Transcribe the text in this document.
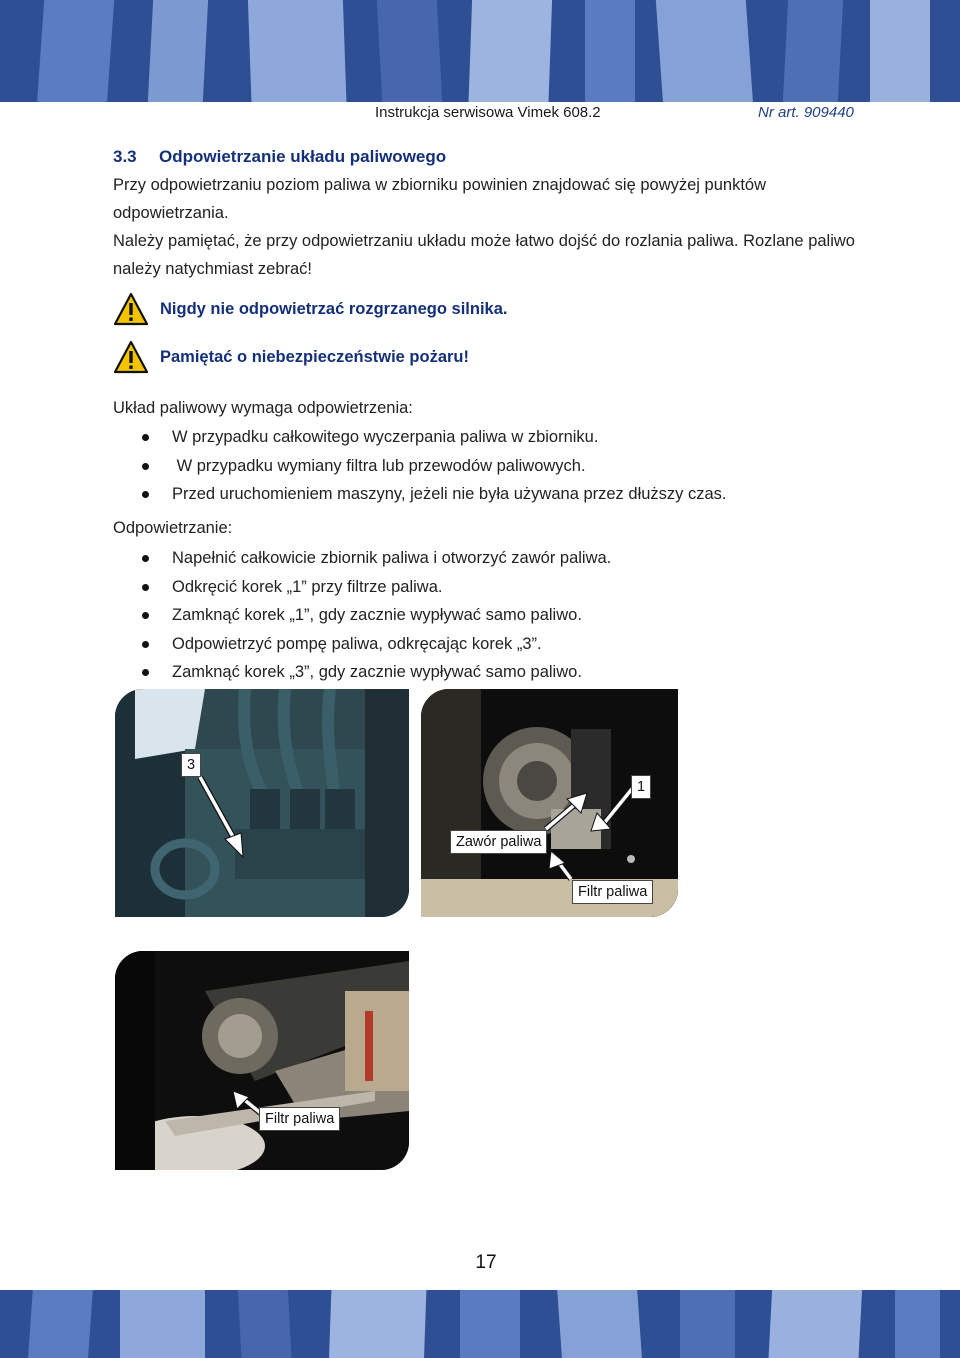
Instrukcja serwisowa Vimek 608.2	Nr art. 909440
3.3 Odpowietrzanie układu paliwowego
Przy odpowietrzaniu poziom paliwa w zbiorniku powinien znajdować się powyżej punktów odpowietrzania.
Należy pamiętać, że przy odpowietrzaniu układu może łatwo dojść do rozlania paliwa. Rozlane paliwo należy natychmiast zebrać!
Nigdy nie odpowietrzać rozgrzanego silnika.
Pamiętać o niebezpieczeństwie pożaru!
Układ paliwowy wymaga odpowietrzenia:
W przypadku całkowitego wyczerpania paliwa w zbiorniku.
W przypadku wymiany filtra lub przewodów paliwowych.
Przed uruchomieniem maszyny, jeżeli nie była używana przez dłuższy czas.
Odpowietrzanie:
Napełnić całkowicie zbiornik paliwa i otworzyć zawór paliwa.
Odkręcić korek „1” przy filtrze paliwa.
Zamknąć korek „1”, gdy zacznie wypływać samo paliwo.
Odpowietrzyć pompę paliwa, odkręcając korek „3”.
Zamknąć korek „3”, gdy zacznie wypływać samo paliwo.
3
1
Zawór paliwa
Filtr paliwa
Filtr paliwa
17
